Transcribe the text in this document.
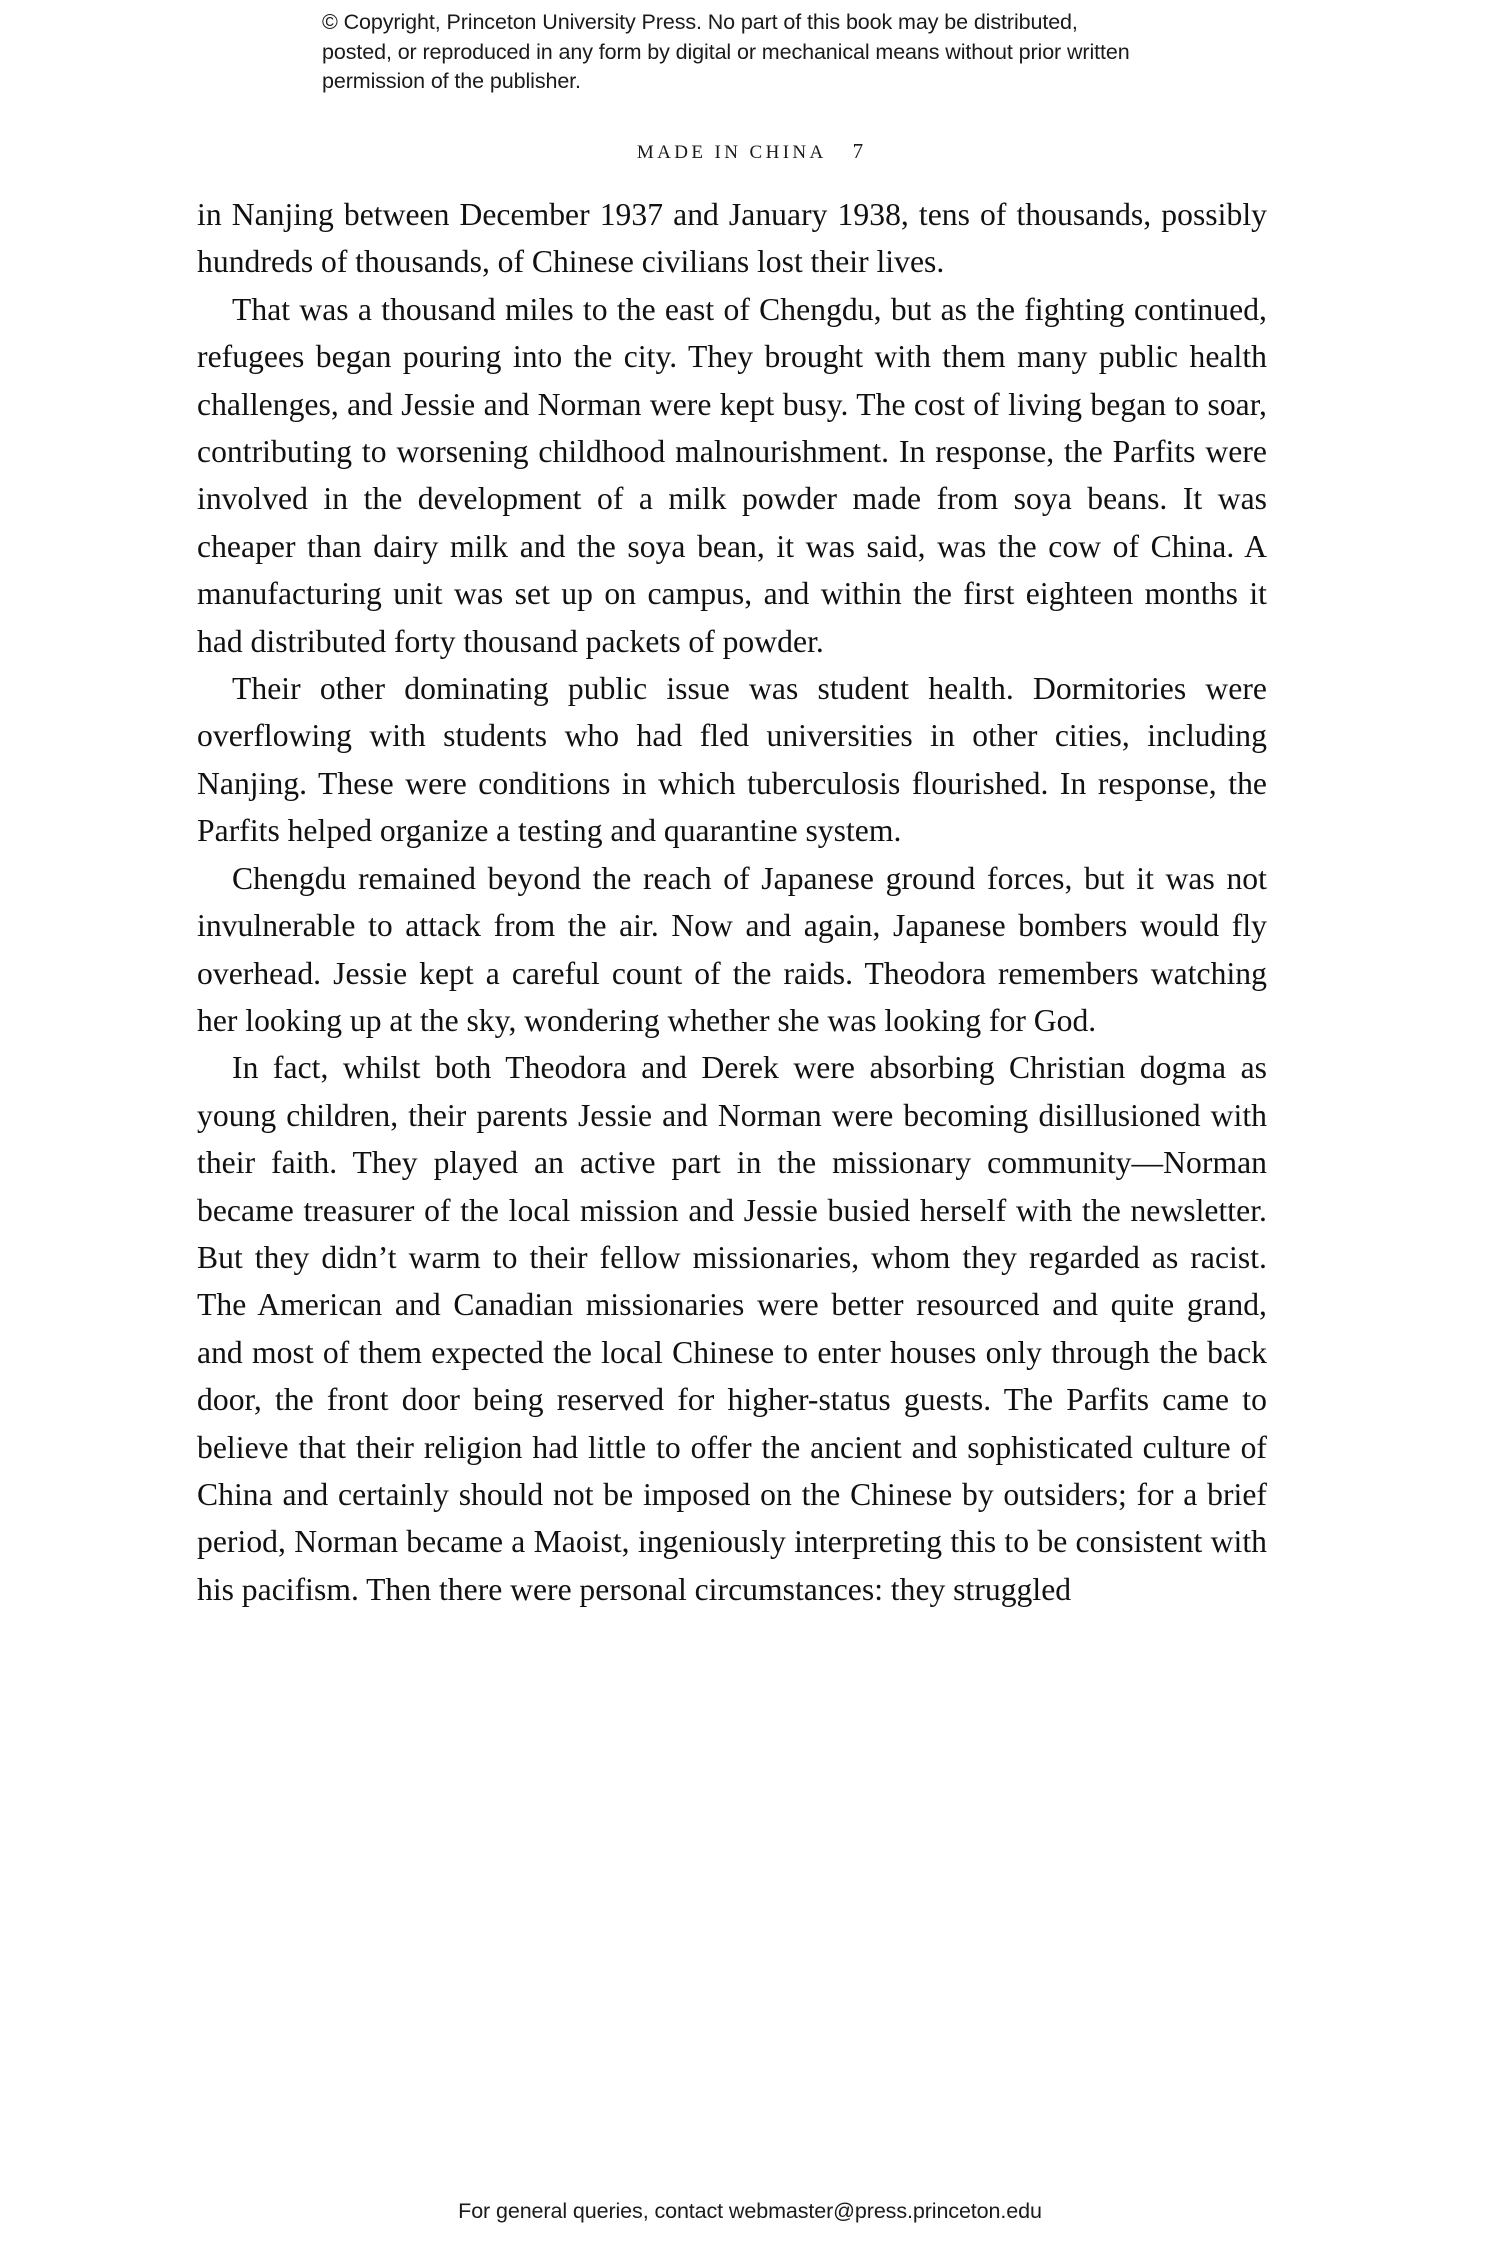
© Copyright, Princeton University Press. No part of this book may be distributed, posted, or reproduced in any form by digital or mechanical means without prior written permission of the publisher.
MADE IN CHINA 7

in Nanjing between December 1937 and January 1938, tens of thousands, possibly hundreds of thousands, of Chinese civilians lost their lives.

That was a thousand miles to the east of Chengdu, but as the fighting continued, refugees began pouring into the city. They brought with them many public health challenges, and Jessie and Norman were kept busy. The cost of living began to soar, contributing to worsening childhood malnourishment. In response, the Parfits were involved in the development of a milk powder made from soya beans. It was cheaper than dairy milk and the soya bean, it was said, was the cow of China. A manufacturing unit was set up on campus, and within the first eighteen months it had distributed forty thousand packets of powder.

Their other dominating public issue was student health. Dormitories were overflowing with students who had fled universities in other cities, including Nanjing. These were conditions in which tuberculosis flourished. In response, the Parfits helped organize a testing and quarantine system.

Chengdu remained beyond the reach of Japanese ground forces, but it was not invulnerable to attack from the air. Now and again, Japanese bombers would fly overhead. Jessie kept a careful count of the raids. Theodora remembers watching her looking up at the sky, wondering whether she was looking for God.

In fact, whilst both Theodora and Derek were absorbing Christian dogma as young children, their parents Jessie and Norman were becoming disillusioned with their faith. They played an active part in the missionary community—Norman became treasurer of the local mission and Jessie busied herself with the newsletter. But they didn’t warm to their fellow missionaries, whom they regarded as racist. The American and Canadian missionaries were better resourced and quite grand, and most of them expected the local Chinese to enter houses only through the back door, the front door being reserved for higher-status guests. The Parfits came to believe that their religion had little to offer the ancient and sophisticated culture of China and certainly should not be imposed on the Chinese by outsiders; for a brief period, Norman became a Maoist, ingeniously interpreting this to be consistent with his pacifism. Then there were personal circumstances: they struggled

For general queries, contact webmaster@press.princeton.edu
